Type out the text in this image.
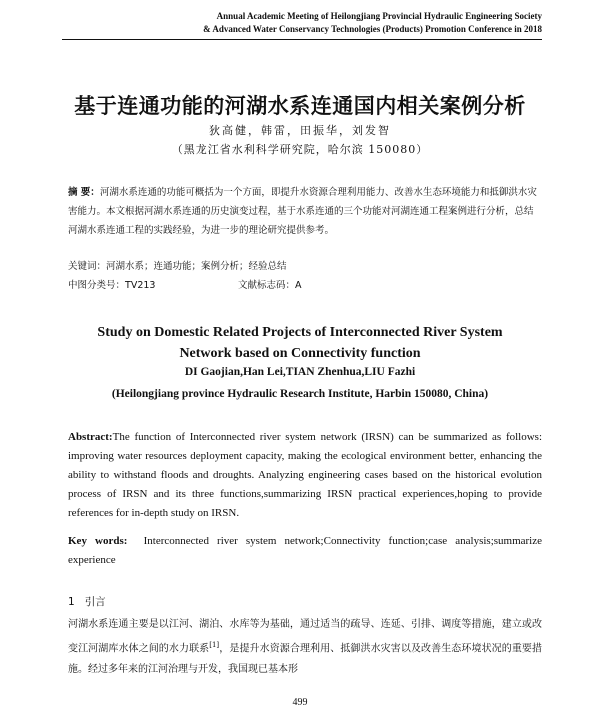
Annual Academic Meeting of Heilongjiang Provincial Hydraulic Engineering Society
& Advanced Water Conservancy Technologies (Products) Promotion Conference in 2018
基于连通功能的河湖水系连通国内相关案例分析
狄高健，韩雷，田振华，刘发智
（黑龙江省水利科学研究院，哈尔滨 150080）
摘 要：河湖水系连通的功能可概括为一个方面，即提升水资源合理利用能力、改善水生态环境能力和抵御洪水灾害能力。本文根据河湖水系连通的历史演变过程，基于水系连通的三个功能对河湖连通工程案例进行分析，总结河湖水系连通工程的实践经验，为进一步的理论研究提供参考。
关键词：河湖水系；连通功能；案例分析；经验总结
中图分类号：TV213	文献标志码：A
Study on Domestic Related Projects of Interconnected River System
Network based on Connectivity function
DI Gaojian,Han Lei,TIAN Zhenhua,LIU Fazhi
(Heilongjiang province Hydraulic Research Institute, Harbin 150080, China)
Abstract:The function of Interconnected river system network (IRSN) can be summarized as follows: improving water resources deployment capacity, making the ecological environment better, enhancing the ability to withstand floods and droughts. Analyzing engineering cases based on the historical evolution process of IRSN and its three functions,summarizing IRSN practical experiences,hoping to provide references for in-depth study on IRSN.
Key words: Interconnected river system network;Connectivity function;case analysis;summarize experience
1 引言
河湖水系连通主要是以江河、湖泊、水库等为基础，通过适当的疏导、连延、引排、调度等措施，建立或改变江河湖库水体之间的水力联系[1]，是提升水资源合理利用、抵御洪水灾害以及改善生态环境状况的重要措施。经过多年来的江河治理与开发，我国现已基本形
499
